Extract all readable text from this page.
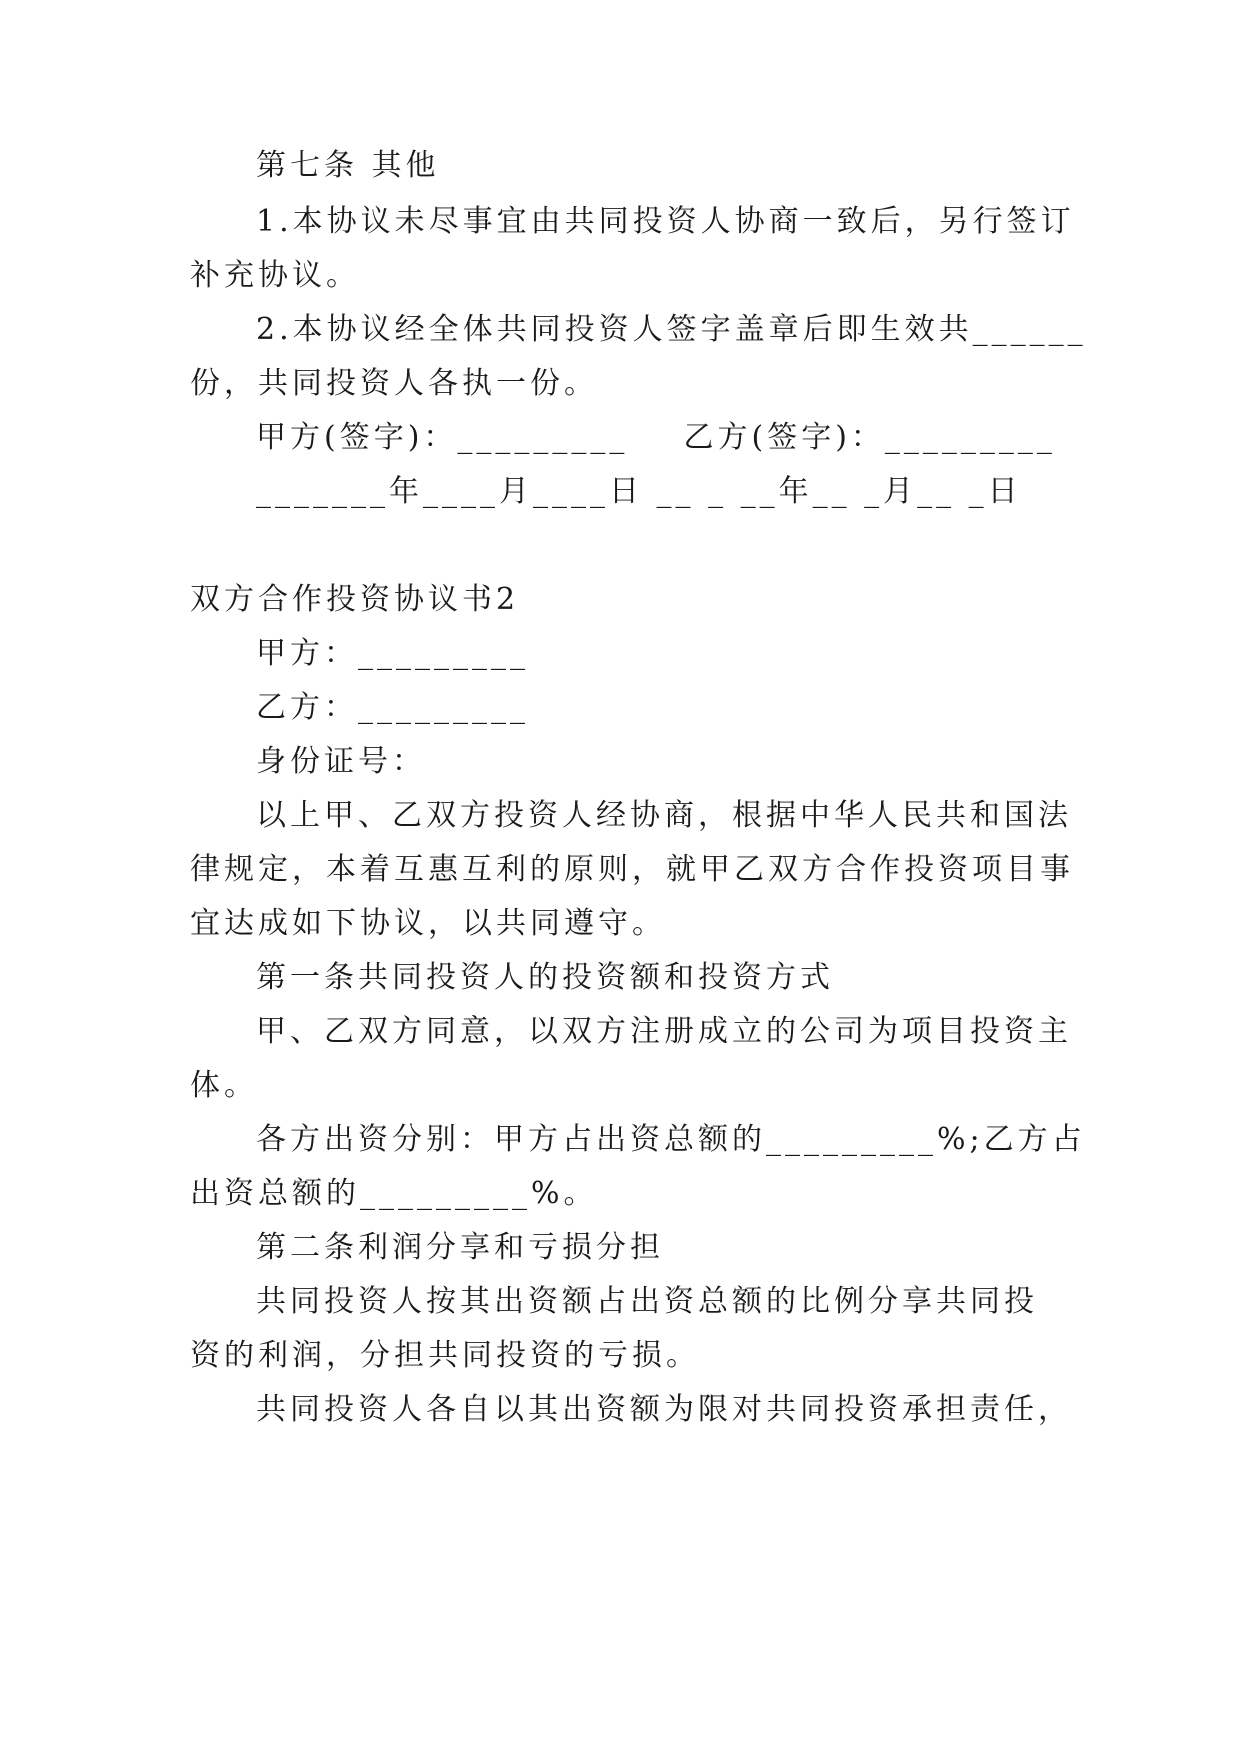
第七条 其他
1.本协议未尽事宜由共同投资人协商一致后，另行签订
补充协议。
2.本协议经全体共同投资人签字盖章后即生效共______
份，共同投资人各执一份。
甲方(签字)：_________ 乙方(签字)：_________
_______年____月____日 __ _ __年__ _月__ _日
双方合作投资协议书2
甲方：_________
乙方：_________
身份证号：
以上甲、乙双方投资人经协商，根据中华人民共和国法
律规定，本着互惠互利的原则，就甲乙双方合作投资项目事
宜达成如下协议，以共同遵守。
第一条共同投资人的投资额和投资方式
甲、乙双方同意，以双方注册成立的公司为项目投资主
体。
各方出资分别：甲方占出资总额的_________%;乙方占
出资总额的_________%。
第二条利润分享和亏损分担
共同投资人按其出资额占出资总额的比例分享共同投
资的利润，分担共同投资的亏损。
共同投资人各自以其出资额为限对共同投资承担责任，
